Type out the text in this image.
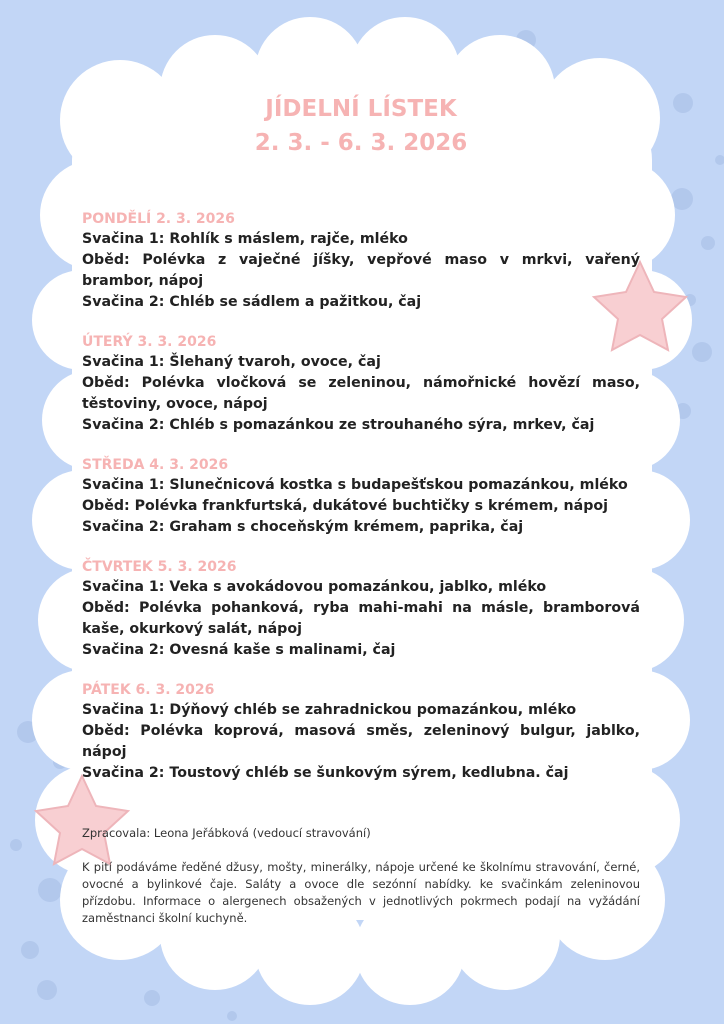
JÍDELNÍ LÍSTEK

2. 3. - 6. 3. 2026

PONDĚLÍ 2. 3. 2026

Svačina 1: Rohlík s máslem, rajče, mléko

Oběd: Polévka z vaječné jíšky, vepřové maso v mrkvi, vařený brambor, nápoj

Svačina 2: Chléb se sádlem a pažitkou, čaj

ÚTERÝ 3. 3. 2026

Svačina 1: Šlehaný tvaroh, ovoce, čaj

Oběd: Polévka vločková se zeleninou, námořnické hovězí maso, těstoviny, ovoce, nápoj

Svačina 2: Chléb s pomazánkou ze strouhaného sýra, mrkev, čaj

STŘEDA 4. 3. 2026

Svačina 1: Slunečnicová kostka s budapešťskou pomazánkou, mléko

Oběd: Polévka frankfurtská, dukátové buchtičky s krémem, nápoj

Svačina 2: Graham s choceňským krémem, paprika, čaj

ČTVRTEK 5. 3. 2026

Svačina 1: Veka s avokádovou pomazánkou, jablko, mléko

Oběd: Polévka pohanková, ryba mahi-mahi na másle, bramborová kaše, okurkový salát, nápoj

Svačina 2: Ovesná kaše s malinami, čaj

PÁTEK 6. 3. 2026

Svačina 1: Dýňový chléb se zahradnickou pomazánkou, mléko

Oběd: Polévka koprová, masová směs, zeleninový bulgur, jablko, nápoj

Svačina 2: Toustový chléb se šunkovým sýrem, kedlubna. čaj

Zpracovala: Leona Jeřábková (vedoucí stravování)

K pití podáváme ředěné džusy, mošty, minerálky, nápoje určené ke školnímu stravování, černé, ovocné a bylinkové čaje. Saláty a ovoce dle sezónní nabídky. ke svačinkám zeleninovou přízdobu. Informace o alergenech obsažených v jednotlivých pokrmech podají na vyžádání zaměstnanci školní kuchyně.
